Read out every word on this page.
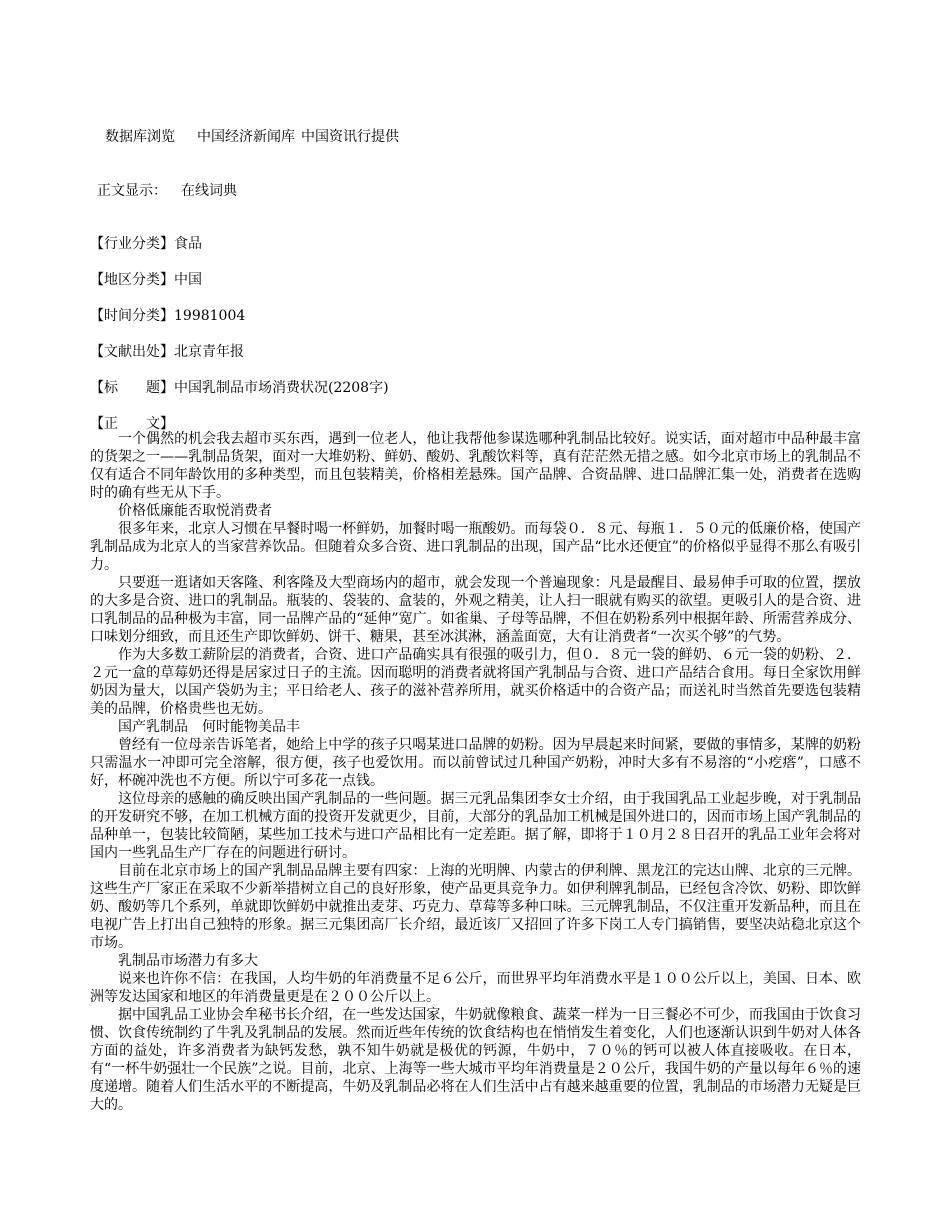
数据库浏览 中国经济新闻库 中国资讯行提供
正文显示： 在线词典
【行业分类】食品
【地区分类】中国
【时间分类】19981004
【文献出处】北京青年报
【标　　题】中国乳制品市场消费状况(2208字)
【正　　文】

一个偶然的机会我去超市买东西，遇到一位老人，他让我帮他参谋选哪种乳制品比较好。说实话，面对超市中品种最丰富的货架之一——乳制品货架，面对一大堆奶粉、鲜奶、酸奶、乳酸饮料等，真有茫茫然无措之感。如今北京市场上的乳制品不仅有适合不同年龄饮用的多种类型，而且包装精美，价格相差悬殊。国产品牌、合资品牌、进口品牌汇集一处，消费者在选购时的确有些无从下手。

价格低廉能否取悦消费者

很多年来，北京人习惯在早餐时喝一杯鲜奶，加餐时喝一瓶酸奶。而每袋０．８元、每瓶１．５０元的低廉价格，使国产乳制品成为北京人的当家营养饮品。但随着众多合资、进口乳制品的出现，国产品“比水还便宜”的价格似乎显得不那么有吸引力。

只要逛一逛诸如天客隆、利客隆及大型商场内的超市，就会发现一个普遍现象：凡是最醒目、最易伸手可取的位置，摆放的大多是合资、进口的乳制品。瓶装的、袋装的、盒装的，外观之精美，让人扫一眼就有购买的欲望。更吸引人的是合资、进口乳制品的品种极为丰富，同一品牌产品的“延伸”宽广。如雀巢、子母等品牌，不但在奶粉系列中根据年龄、所需营养成分、口味划分细致，而且还生产即饮鲜奶、饼干、糖果，甚至冰淇淋，涵盖面宽，大有让消费者“一次买个够”的气势。

作为大多数工薪阶层的消费者，合资、进口产品确实具有很强的吸引力，但０．８元一袋的鲜奶、６元一袋的奶粉、２．２元一盒的草莓奶还得是居家过日子的主流。因而聪明的消费者就将国产乳制品与合资、进口产品结合食用。每日全家饮用鲜奶因为量大，以国产袋奶为主；平日给老人、孩子的滋补营养所用，就买价格适中的合资产品；而送礼时当然首先要选包装精美的品牌，价格贵些也无妨。

国产乳制品　何时能物美品丰

曾经有一位母亲告诉笔者，她给上中学的孩子只喝某进口品牌的奶粉。因为早晨起来时间紧，要做的事情多，某牌的奶粉只需温水一冲即可完全溶解，很方便，孩子也爱饮用。而以前曾试过几种国产奶粉，冲时大多有不易溶的“小疙瘩”，口感不好，杯碗冲洗也不方便。所以宁可多花一点钱。

这位母亲的感触的确反映出国产乳制品的一些问题。据三元乳品集团李女士介绍，由于我国乳品工业起步晚，对于乳制品的开发研究不够，在加工机械方面的投资开发就更少，目前，大部分的乳品加工机械是国外进口的，因而市场上国产乳制品的品种单一，包装比较简陋，某些加工技术与进口产品相比有一定差距。据了解，即将于１０月２８日召开的乳品工业年会将对国内一些乳品生产厂存在的问题进行研讨。

目前在北京市场上的国产乳制品品牌主要有四家：上海的光明牌、内蒙古的伊利牌、黑龙江的完达山牌、北京的三元牌。这些生产厂家正在采取不少新举措树立自己的良好形象，使产品更具竞争力。如伊利牌乳制品，已经包含冷饮、奶粉、即饮鲜奶、酸奶等几个系列，单就即饮鲜奶中就推出麦芽、巧克力、草莓等多种口味。三元牌乳制品，不仅注重开发新品种，而且在电视广告上打出自己独特的形象。据三元集团高厂长介绍，最近该厂又招回了许多下岗工人专门搞销售，要坚决站稳北京这个市场。

乳制品市场潜力有多大

说来也许你不信：在我国，人均牛奶的年消费量不足６公斤，而世界平均年消费水平是１００公斤以上，美国、日本、欧洲等发达国家和地区的年消费量更是在２００公斤以上。

据中国乳品工业协会牟秘书长介绍，在一些发达国家，牛奶就像粮食、蔬菜一样为一日三餐必不可少，而我国由于饮食习惯、饮食传统制约了牛乳及乳制品的发展。然而近些年传统的饮食结构也在悄悄发生着变化，人们也逐渐认识到牛奶对人体各方面的益处，许多消费者为缺钙发愁，孰不知牛奶就是极优的钙源，牛奶中，７０％的钙可以被人体直接吸收。在日本，有“一杯牛奶强壮一个民族”之说。目前，北京、上海等一些大城市平均年消费量是２０公斤，我国牛奶的产量以每年６％的速度递增。随着人们生活水平的不断提高，牛奶及乳制品必将在人们生活中占有越来越重要的位置，乳制品的市场潜力无疑是巨大的。
